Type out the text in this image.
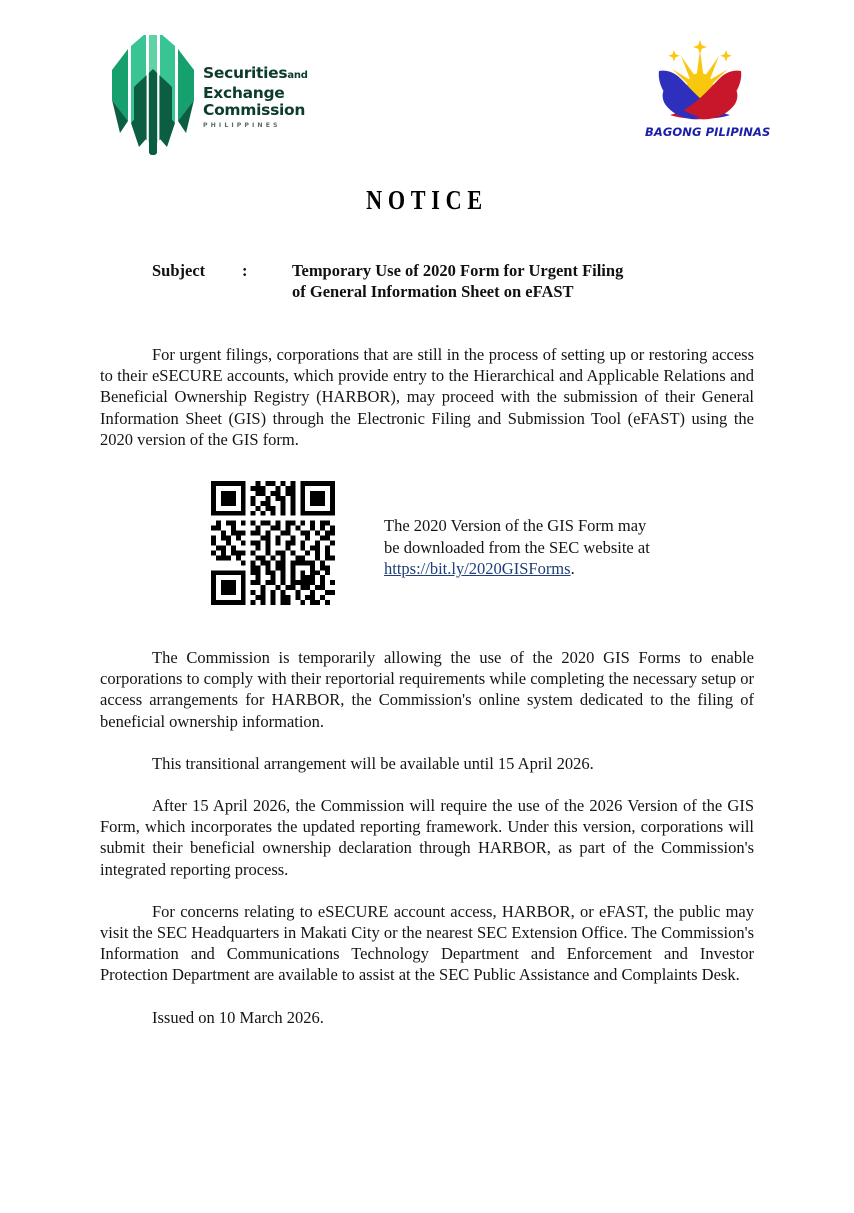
Securitiesand
Exchange
Commission
PHILIPPINES	BAGONG PILIPINAS
NOTICE
Subject	:	Temporary Use of 2020 Form for Urgent Filing
of General Information Sheet on eFAST

For urgent filings, corporations that are still in the process of setting up or restoring access to their eSECURE accounts, which provide entry to the Hierarchical and Applicable Relations and Beneficial Ownership Registry (HARBOR), may proceed with the submission of their General Information Sheet (GIS) through the Electronic Filing and Submission Tool (eFAST) using the 2020 version of the GIS form.

The 2020 Version of the GIS Form may
be downloaded from the SEC website at
https://bit.ly/2020GISForms.

The Commission is temporarily allowing the use of the 2020 GIS Forms to enable corporations to comply with their reportorial requirements while completing the necessary setup or access arrangements for HARBOR, the Commission's online system dedicated to the filing of beneficial ownership information.

This transitional arrangement will be available until 15 April 2026.

After 15 April 2026, the Commission will require the use of the 2026 Version of the GIS Form, which incorporates the updated reporting framework. Under this version, corporations will submit their beneficial ownership declaration through HARBOR, as part of the Commission's integrated reporting process.

For concerns relating to eSECURE account access, HARBOR, or eFAST, the public may visit the SEC Headquarters in Makati City or the nearest SEC Extension Office. The Commission's Information and Communications Technology Department and Enforcement and Investor Protection Department are available to assist at the SEC Public Assistance and Complaints Desk.

Issued on 10 March 2026.
